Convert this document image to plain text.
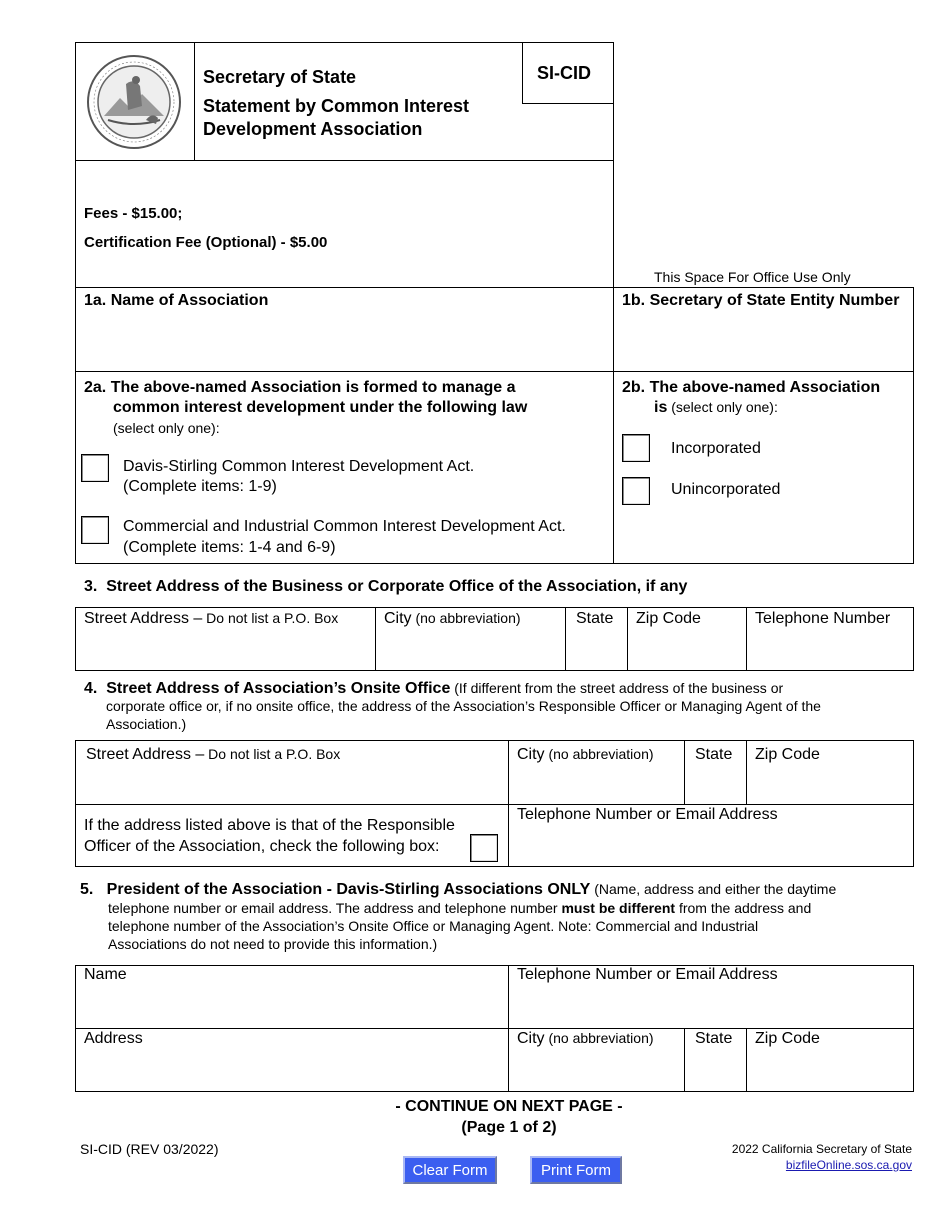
Secretary of State
Statement by Common Interest
Development Association
SI-CID
Fees - $15.00;
Certification Fee (Optional) - $5.00
This Space For Office Use Only
1a. Name of Association	1b. Secretary of State Entity Number
2a. The above-named Association is formed to manage a
common interest development under the following law
(select only one):
Davis-Stirling Common Interest Development Act.
(Complete items: 1-9)
Commercial and Industrial Common Interest Development Act.
(Complete items: 1-4 and 6-9)
2b. The above-named Association
is (select only one):
Incorporated
Unincorporated
3.  Street Address of the Business or Corporate Office of the Association, if any
Street Address – Do not list a P.O. Box	City (no abbreviation)	State Zip Code	Telephone Number
4.  Street Address of Association’s Onsite Office (If different from the street address of the business or
corporate office or, if no onsite office, the address of the Association’s Responsible Officer or Managing Agent of the
Association.)
Street Address – Do not list a P.O. Box	City (no abbreviation)	State Zip Code
If the address listed above is that of the Responsible
Officer of the Association, check the following box:
Telephone Number or Email Address
5.   President of the Association - Davis-Stirling Associations ONLY (Name, address and either the daytime
telephone number or email address. The address and telephone number must be different from the address and
telephone number of the Association’s Onsite Office or Managing Agent. Note: Commercial and Industrial
Associations do not need to provide this information.)
Name	Telephone Number or Email Address
Address	City (no abbreviation)	State Zip Code
- CONTINUE ON NEXT PAGE -
(Page 1 of 2)
SI-CID (REV 03/2022)	2022 California Secretary of State
bizfileOnline.sos.ca.gov
Clear Form	Print Form
